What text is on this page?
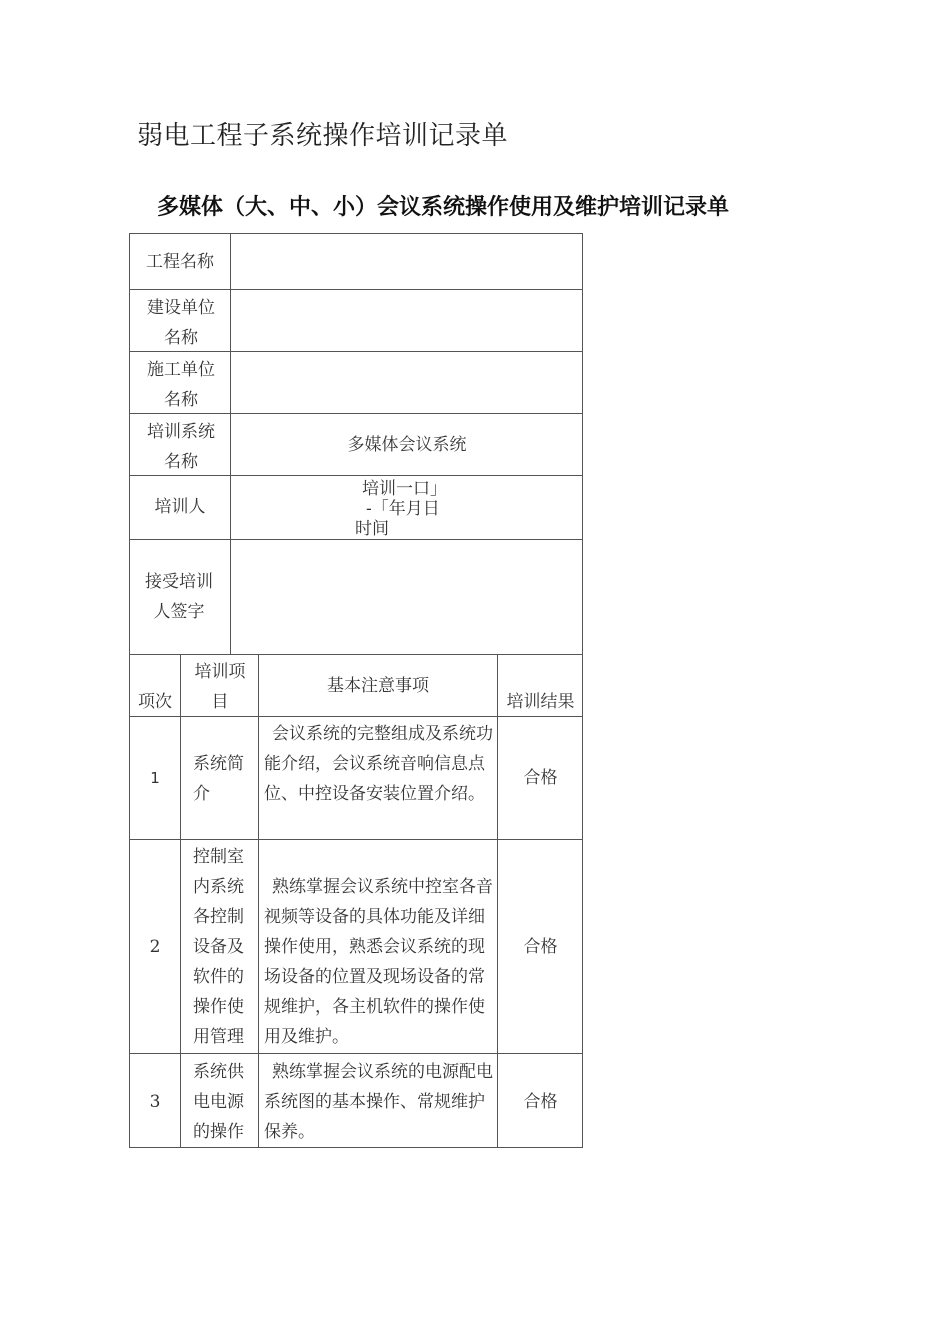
弱电工程子系统操作培训记录单
多媒体（大、中、小）会议系统操作使用及维护培训记录单
工程名称
建设单位名称
施工单位名称
培训系统名称
多媒体会议系统
培训人
培训一口」
-「年月日
时间
接受培训人签字
项次
培训项目
基本注意事项
培训结果
1
系统简介
会议系统的完整组成及系统功能介绍，会议系统音响信息点位、中控设备安装位置介绍。
合格
2
控制室内系统各控制设备及软件的操作使用管理
熟练掌握会议系统中控室各音视频等设备的具体功能及详细操作使用，熟悉会议系统的现场设备的位置及现场设备的常规维护，各主机软件的操作使用及维护。
合格
3
系统供电电源的操作
熟练掌握会议系统的电源配电系统图的基本操作、常规维护保养。
合格
